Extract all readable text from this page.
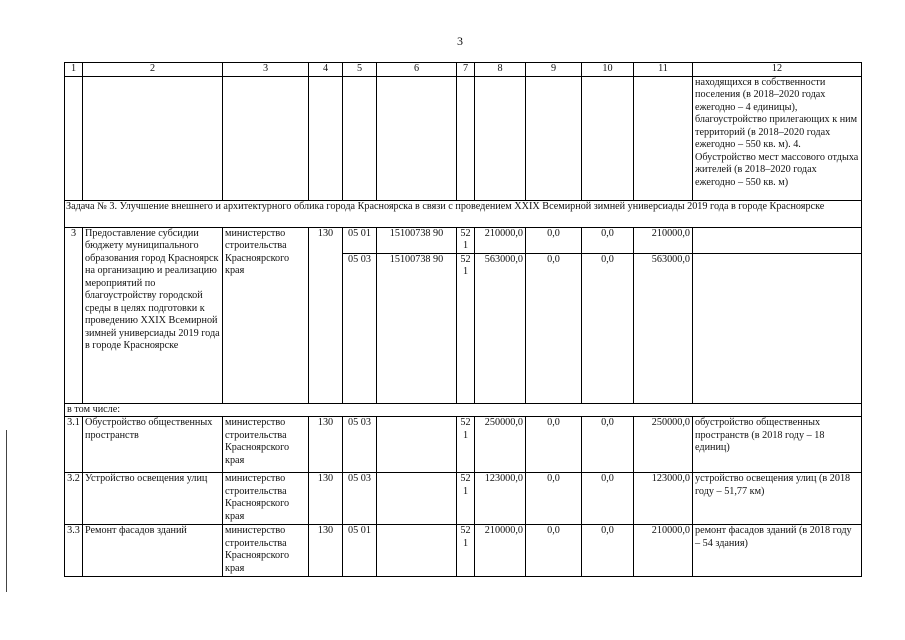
3
1	2	3	4	5	6	7	8	9	10	11	12
											находящихся в собственности поселения (в 2018–2020 годах ежегодно – 4 единицы), благоустройство прилегающих к ним территорий (в 2018–2020 годах ежегодно – 550 кв. м). 4. Обустройство мест массового отдыха жителей (в 2018–2020 годах ежегодно – 550 кв. м)
Задача № 3. Улучшение внешнего и архитектурного облика города Красноярска в связи с проведением XXIX Всемирной зимней универсиады 2019 года в городе Красноярске											
3	Предоставление субсидии бюджету муниципального образования город Красноярск на организацию и реализацию мероприятий по благоустройству городской среды в целях подготовки к проведению XXIX Всемирной зимней универсиады 2019 года в городе Красноярске	министерство строительства Красноярского края	130	05 01	15100738 90	521	210000,0	0,0	0,0	210000,0	
				05 03	15100738 90	521	563000,0	0,0	0,0	563000,0	
в том числе:											
3.1	Обустройство общественных пространств	министерство строительства Красноярского края	130	05 03		521	250000,0	0,0	0,0	250000,0	обустройство общественных пространств (в 2018 году – 18 единиц)
3.2	Устройство освещения улиц	министерство строительства Красноярского края	130	05 03		521	123000,0	0,0	0,0	123000,0	устройство освещения улиц (в 2018 году – 51,77 км)
3.3	Ремонт фасадов зданий	министерство строительства Красноярского края	130	05 01		521	210000,0	0,0	0,0	210000,0	ремонт фасадов зданий (в 2018 году – 54 здания)
